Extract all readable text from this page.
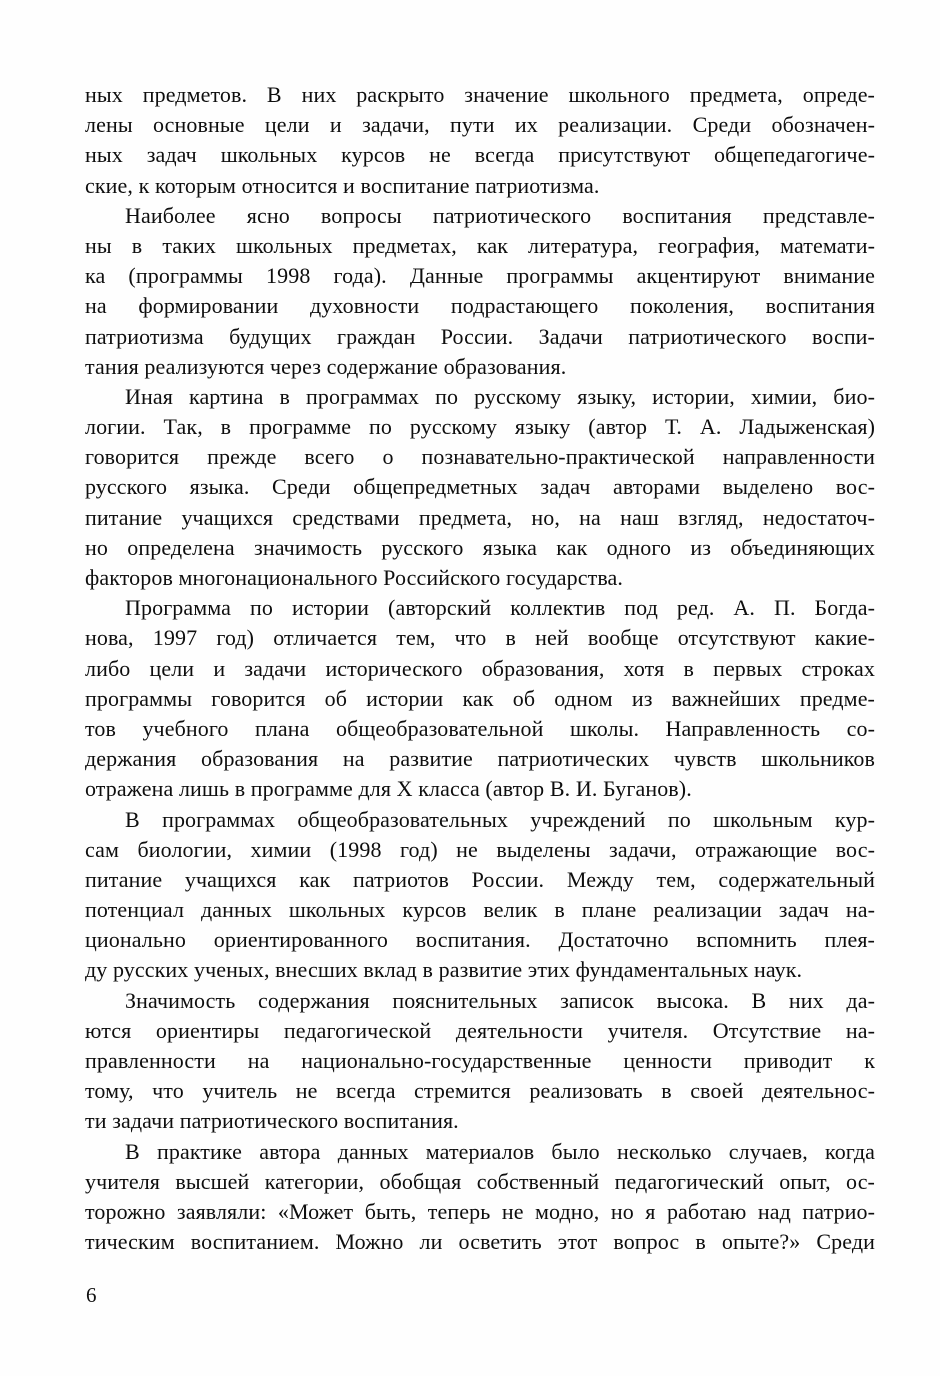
ных предметов. В них раскрыто значение школьного предмета, опреде-
лены основные цели и задачи, пути их реализации. Среди обозначен-
ных задач школьных курсов не всегда присутствуют общепедагогиче-
ские, к которым относится и воспитание патриотизма.
Наиболее ясно вопросы патриотического воспитания представле-
ны в таких школьных предметах, как литература, география, математи-
ка (программы 1998 года). Данные программы акцентируют внимание
на формировании духовности подрастающего поколения, воспитания
патриотизма будущих граждан России. Задачи патриотического воспи-
тания реализуются через содержание образования.
Иная картина в программах по русскому языку, истории, химии, био-
логии. Так, в программе по русскому языку (автор Т. А. Ладыженская)
говорится прежде всего о познавательно-практической направленности
русского языка. Среди общепредметных задач авторами выделено вос-
питание учащихся средствами предмета, но, на наш взгляд, недостаточ-
но определена значимость русского языка как одного из объединяющих
факторов многонационального Российского государства.
Программа по истории (авторский коллектив под ред. А. П. Богда-
нова, 1997 год) отличается тем, что в ней вообще отсутствуют какие-
либо цели и задачи исторического образования, хотя в первых строках
программы говорится об истории как об одном из важнейших предме-
тов учебного плана общеобразовательной школы. Направленность со-
держания образования на развитие патриотических чувств школьников
отражена лишь в программе для X класса (автор В. И. Буганов).
В программах общеобразовательных учреждений по школьным кур-
сам биологии, химии (1998 год) не выделены задачи, отражающие вос-
питание учащихся как патриотов России. Между тем, содержательный
потенциал данных школьных курсов велик в плане реализации задач на-
ционально ориентированного воспитания. Достаточно вспомнить плея-
ду русских ученых, внесших вклад в развитие этих фундаментальных наук.
Значимость содержания пояснительных записок высока. В них да-
ются ориентиры педагогической деятельности учителя. Отсутствие на-
правленности на национально-государственные ценности приводит к
тому, что учитель не всегда стремится реализовать в своей деятельнос-
ти задачи патриотического воспитания.
В практике автора данных материалов было несколько случаев, когда
учителя высшей категории, обобщая собственный педагогический опыт, ос-
торожно заявляли: «Может быть, теперь не модно, но я работаю над патрио-
тическим воспитанием. Можно ли осветить этот вопрос в опыте?» Среди
6
